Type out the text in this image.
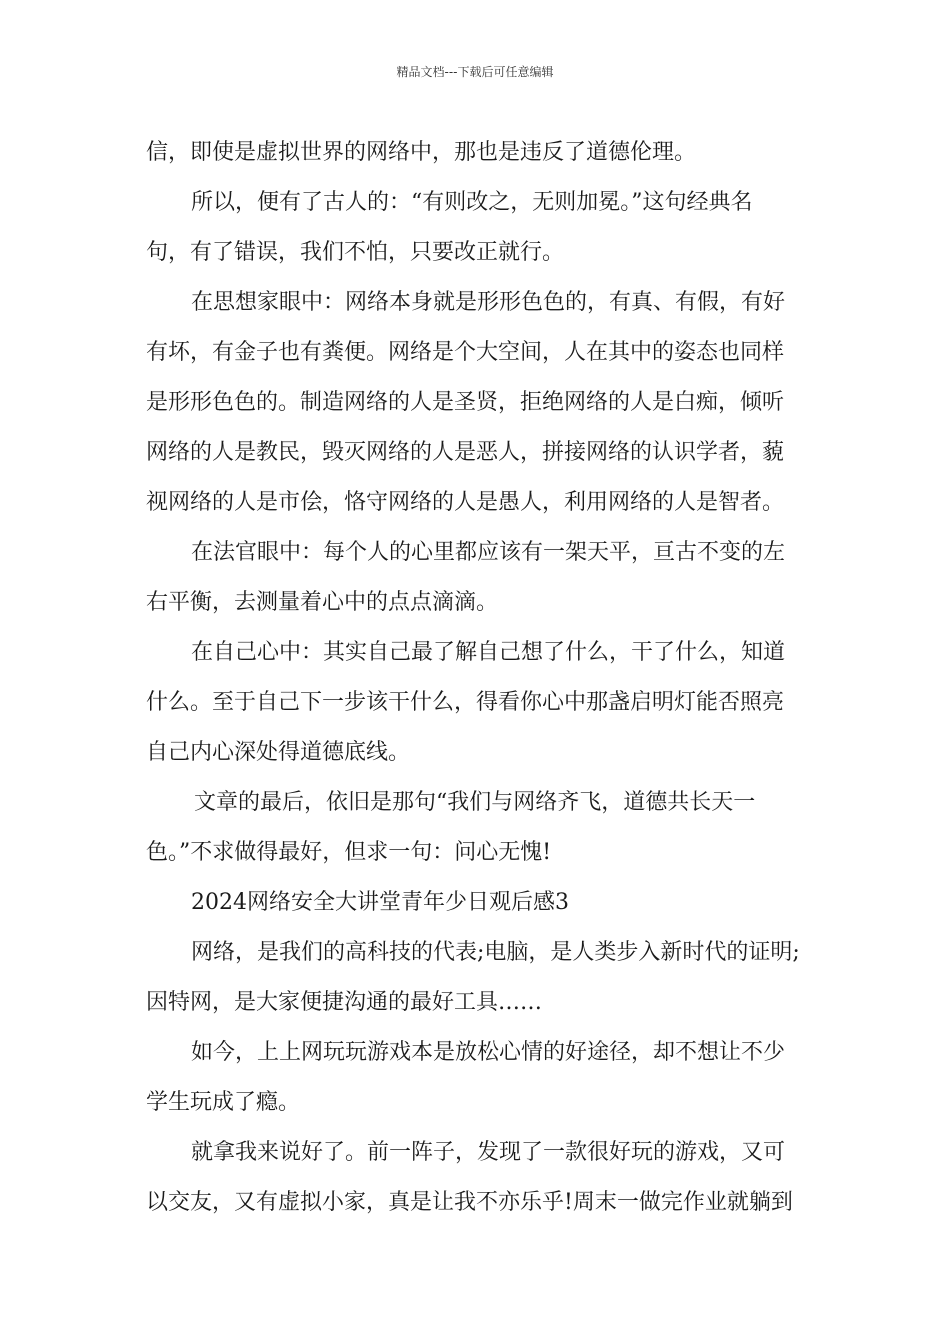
精品文档---下载后可任意编辑
信，即使是虚拟世界的网络中，那也是违反了道德伦理。
所以，便有了古人的：“有则改之，无则加冕。”这句经典名
句，有了错误，我们不怕，只要改正就行。
在思想家眼中：网络本身就是形形色色的，有真、有假，有好
有坏，有金子也有粪便。网络是个大空间，人在其中的姿态也同样
是形形色色的。制造网络的人是圣贤，拒绝网络的人是白痴，倾听
网络的人是教民，毁灭网络的人是恶人，拼接网络的认识学者，藐
视网络的人是市侩，恪守网络的人是愚人，利用网络的人是智者。
在法官眼中：每个人的心里都应该有一架天平，亘古不变的左
右平衡，去测量着心中的点点滴滴。
在自己心中：其实自己最了解自己想了什么，干了什么，知道
什么。至于自己下一步该干什么，得看你心中那盏启明灯能否照亮
自己内心深处得道德底线。
文章的最后，依旧是那句“我们与网络齐飞，道德共长天一
色。”不求做得最好，但求一句：问心无愧!
2024网络安全大讲堂青年少日观后感3
网络，是我们的高科技的代表;电脑，是人类步入新时代的证明;
因特网，是大家便捷沟通的最好工具……
如今，上上网玩玩游戏本是放松心情的好途径，却不想让不少
学生玩成了瘾。
就拿我来说好了。前一阵子，发现了一款很好玩的游戏，又可
以交友，又有虚拟小家，真是让我不亦乐乎!周末一做完作业就躺到
